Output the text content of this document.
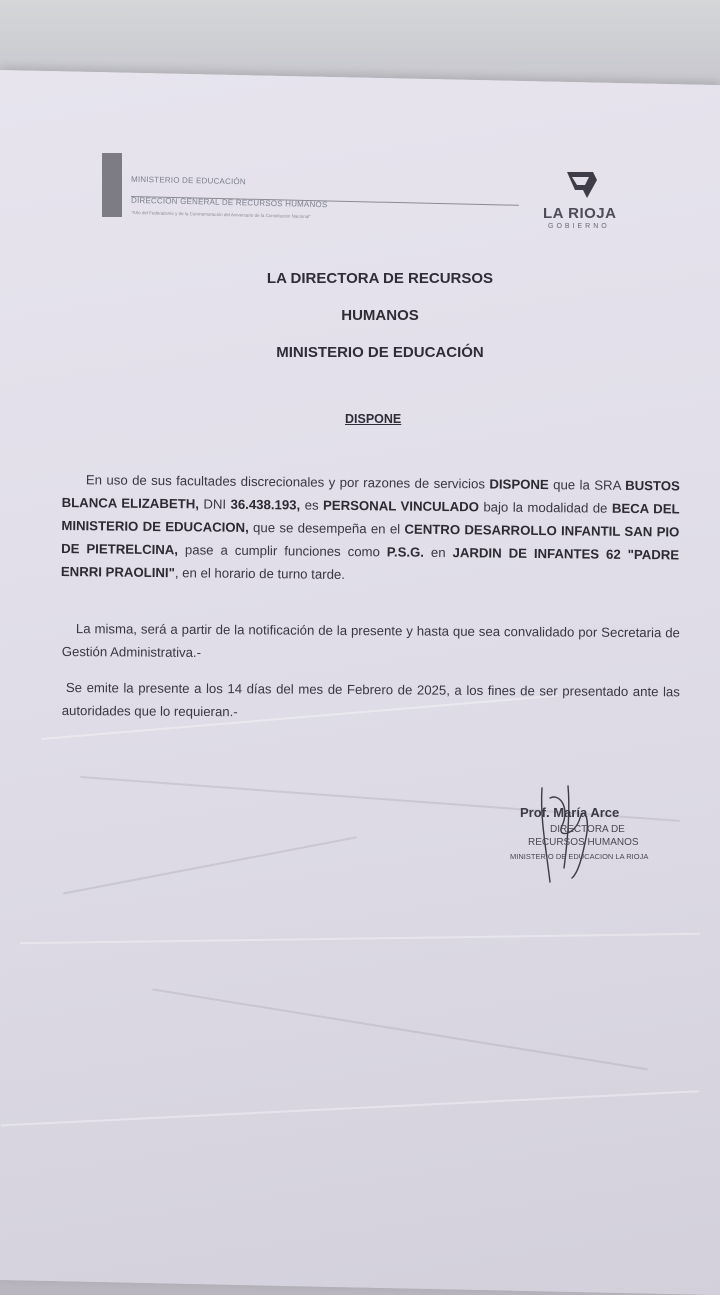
MINISTERIO DE EDUCACIÓN
DIRECCION GENERAL DE RECURSOS HUMANOS
"Año del Federalismo y de la Conmemoración del Aniversario de la Constitución Nacional"	LA RIOJA
GOBIERNO
LA DIRECTORA DE RECURSOS
HUMANOS
MINISTERIO DE EDUCACIÓN
DISPONE
En uso de sus facultades discrecionales y por razones de servicios DISPONE que la SRA BUSTOS BLANCA ELIZABETH, DNI 36.438.193, es PERSONAL VINCULADO bajo la modalidad de BECA DEL MINISTERIO DE EDUCACION, que se desempeña en el CENTRO DESARROLLO INFANTIL SAN PIO DE PIETRELCINA, pase a cumplir funciones como P.S.G. en JARDIN DE INFANTES 62 "PADRE ENRRI PRAOLINI", en el horario de turno tarde.
La misma, será a partir de la notificación de la presente y hasta que sea convalidado por Secretaria de Gestión Administrativa.-
Se emite la presente a los 14 días del mes de Febrero de 2025, a los fines de ser presentado ante las autoridades que lo requieran.-
Prof. María Arce
DIRECTORA DE
RECURSOS HUMANOS
MINISTERIO DE EDUCACION LA RIOJA
